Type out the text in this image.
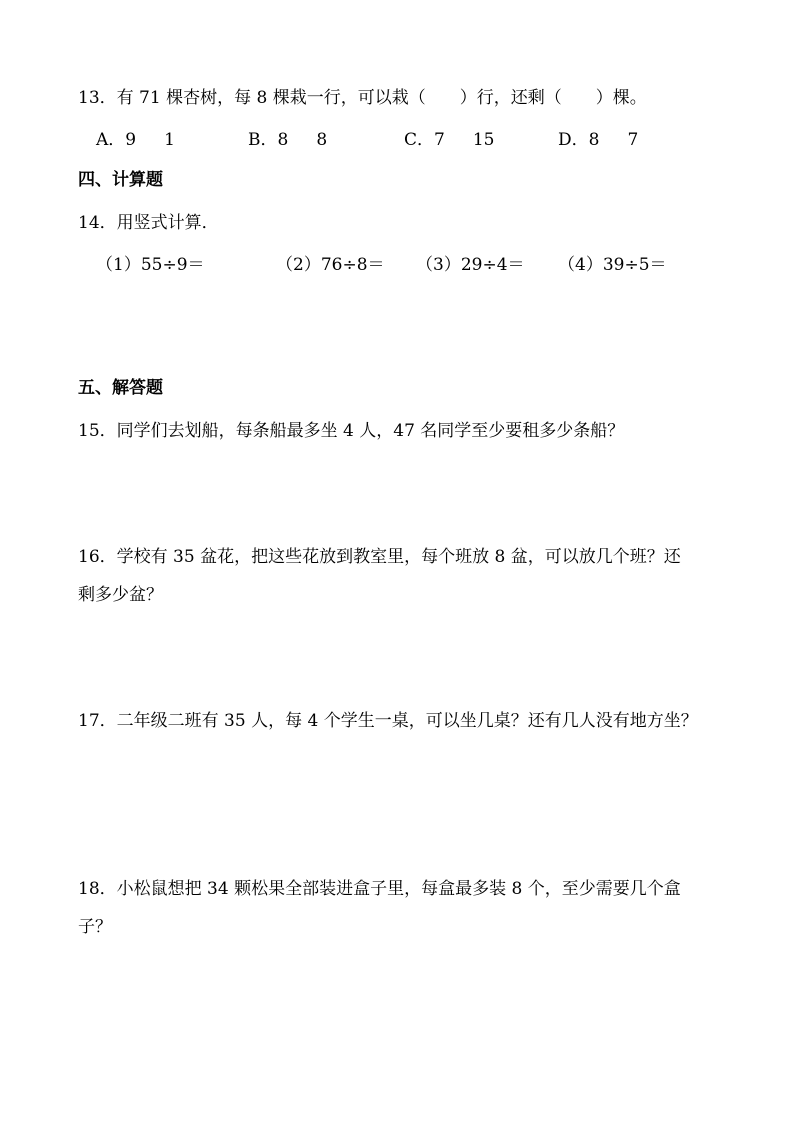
13．有 71 棵杏树，每 8 棵栽一行，可以栽（　　）行，还剩（　　）棵。
A．9 1	B．8 8	C．7 15	D．8 7
四、计算题
14．用竖式计算．
（1）55÷9＝	（2）76÷8＝ （3）29÷4＝ （4）39÷5＝
五、解答题
15．同学们去划船，每条船最多坐 4 人，47 名同学至少要租多少条船？
16．学校有 35 盆花，把这些花放到教室里，每个班放 8 盆，可以放几个班？还
剩多少盆？
17．二年级二班有 35 人，每 4 个学生一桌，可以坐几桌？还有几人没有地方坐？
18．小松鼠想把 34 颗松果全部装进盒子里，每盒最多装 8 个，至少需要几个盒
子？
